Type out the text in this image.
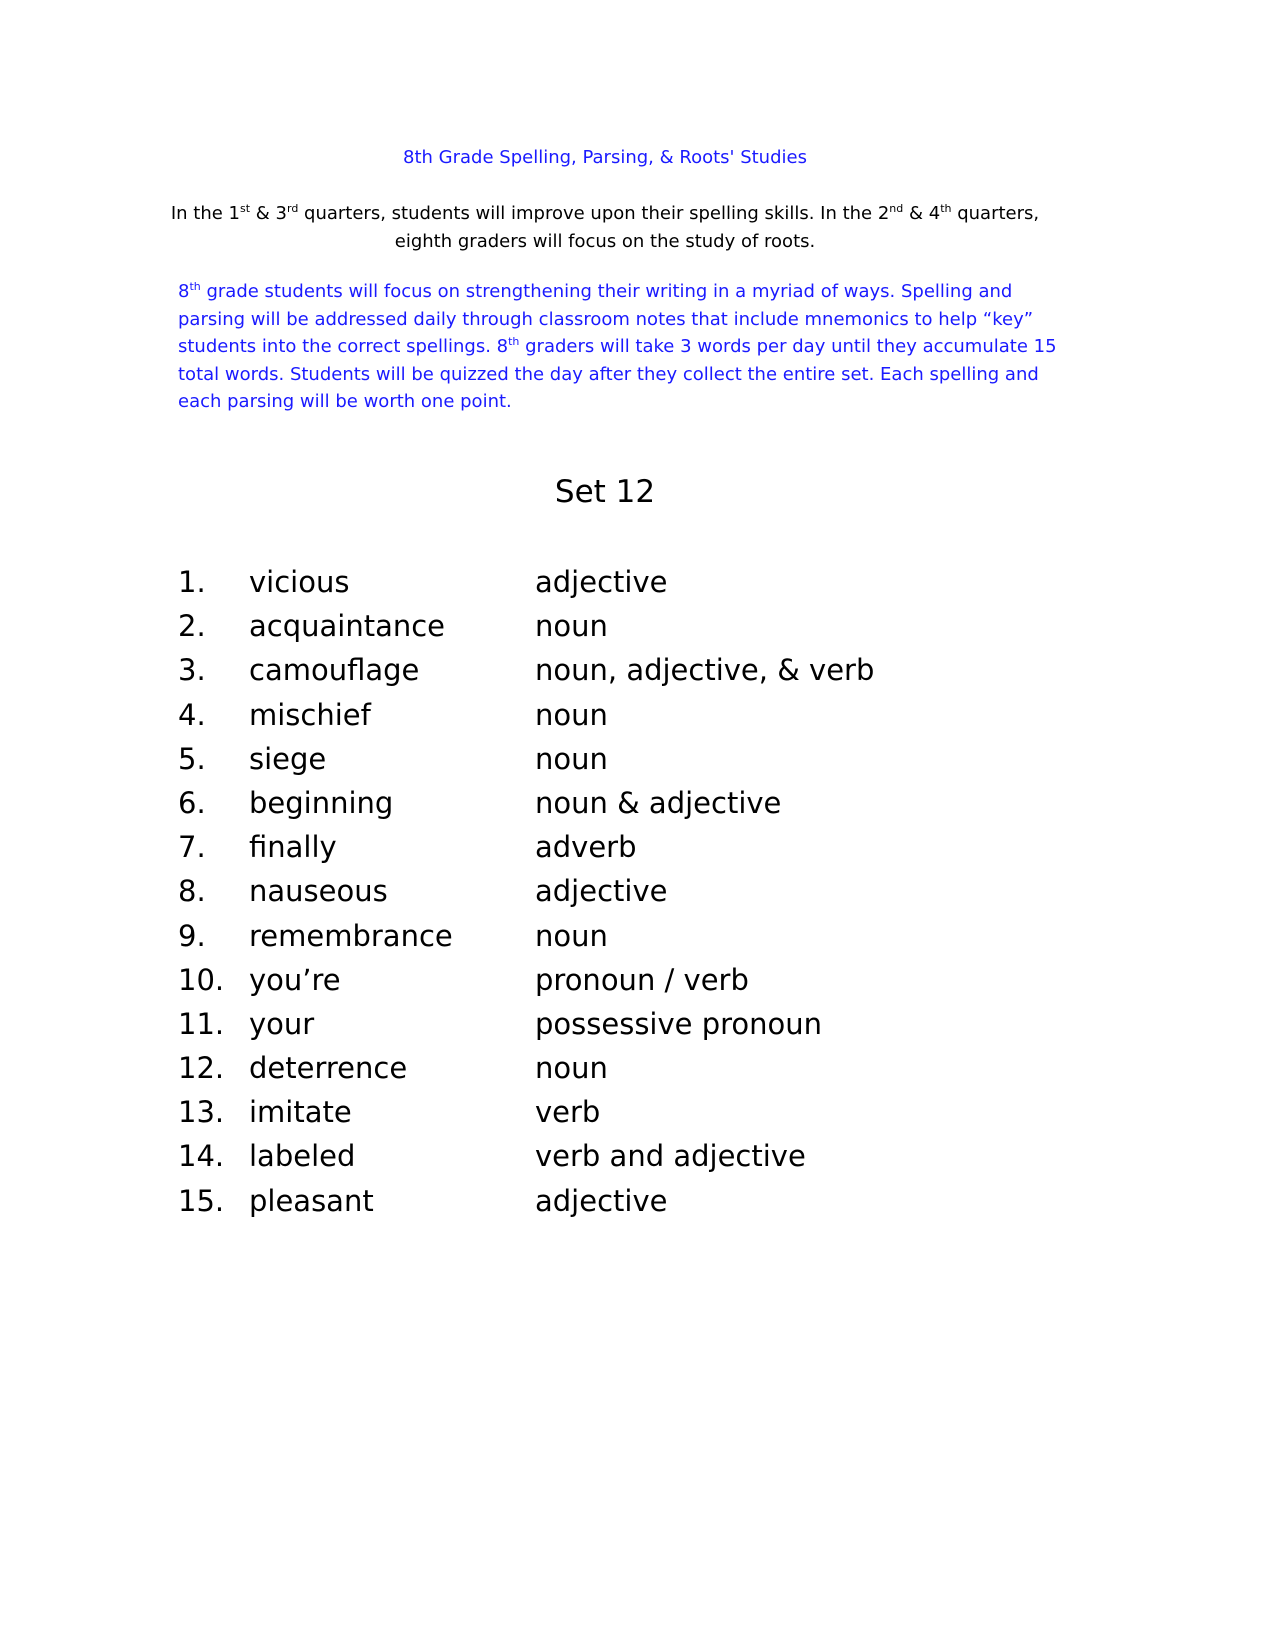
8th Grade Spelling, Parsing, & Roots' Studies

In the 1st & 3rd quarters, students will improve upon their spelling skills. In the 2nd & 4th quarters, eighth graders will focus on the study of roots.

8th grade students will focus on strengthening their writing in a myriad of ways. Spelling and parsing will be addressed daily through classroom notes that include mnemonics to help “key” students into the correct spellings. 8th graders will take 3 words per day until they accumulate 15 total words. Students will be quizzed the day after they collect the entire set. Each spelling and each parsing will be worth one point.

Set 12
1.	vicious	adjective
2.	acquaintance	noun
3.	camouflage	noun, adjective, & verb
4.	mischief	noun
5.	siege	noun
6.	beginning	noun & adjective
7.	finally	adverb
8.	nauseous	adjective
9.	remembrance	noun
10. you’re	pronoun / verb
11. your	possessive pronoun
12. deterrence	noun
13. imitate	verb
14. labeled	verb and adjective
15. pleasant	adjective
